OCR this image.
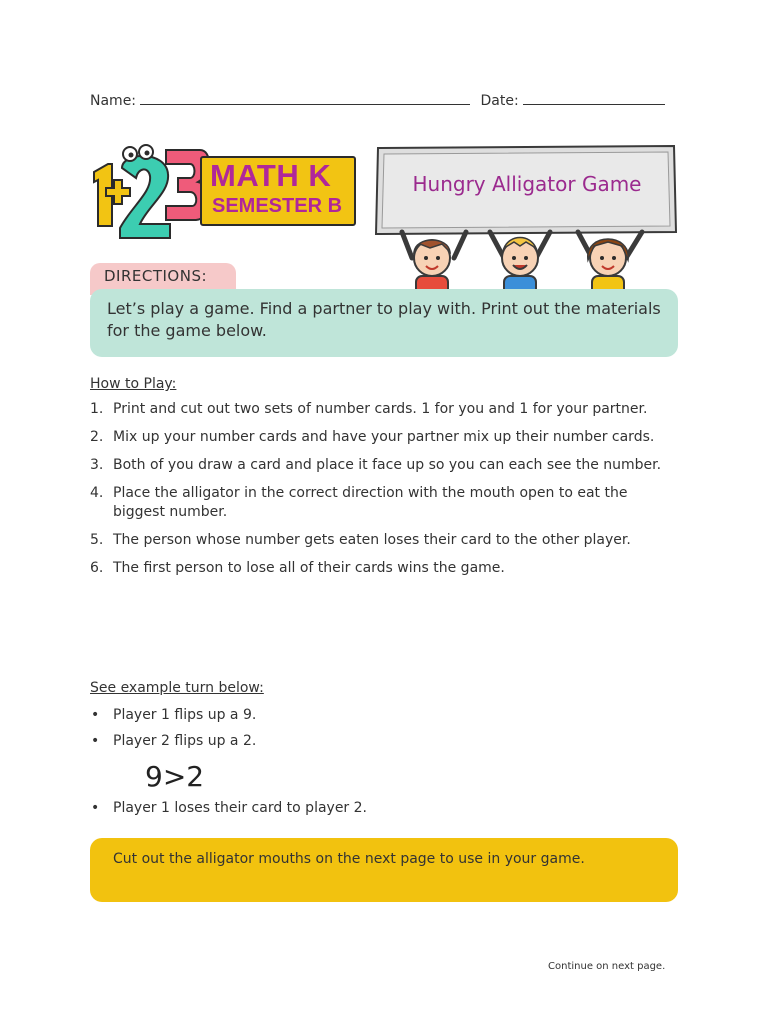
Name:	Date:
MATH K
SEMESTER B
Hungry Alligator Game
DIRECTIONS:
Let’s play a game. Find a partner to play with. Print out the materials for the game below.
How to Play:
1. Print and cut out two sets of number cards. 1 for you and 1 for your partner.
2. Mix up your number cards and have your partner mix up their number cards.
3. Both of you draw a card and place it face up so you can each see the number.
4. Place the alligator in the correct direction with the mouth open to eat the biggest number.
5. The person whose number gets eaten loses their card to the other player.
6. The first person to lose all of their cards wins the game.
See example turn below:
• Player 1 flips up a 9.
• Player 2 flips up a 2.
9>2
• Player 1 loses their card to player 2.
Cut out the alligator mouths on the next page to use in your game.
Continue on next page.
